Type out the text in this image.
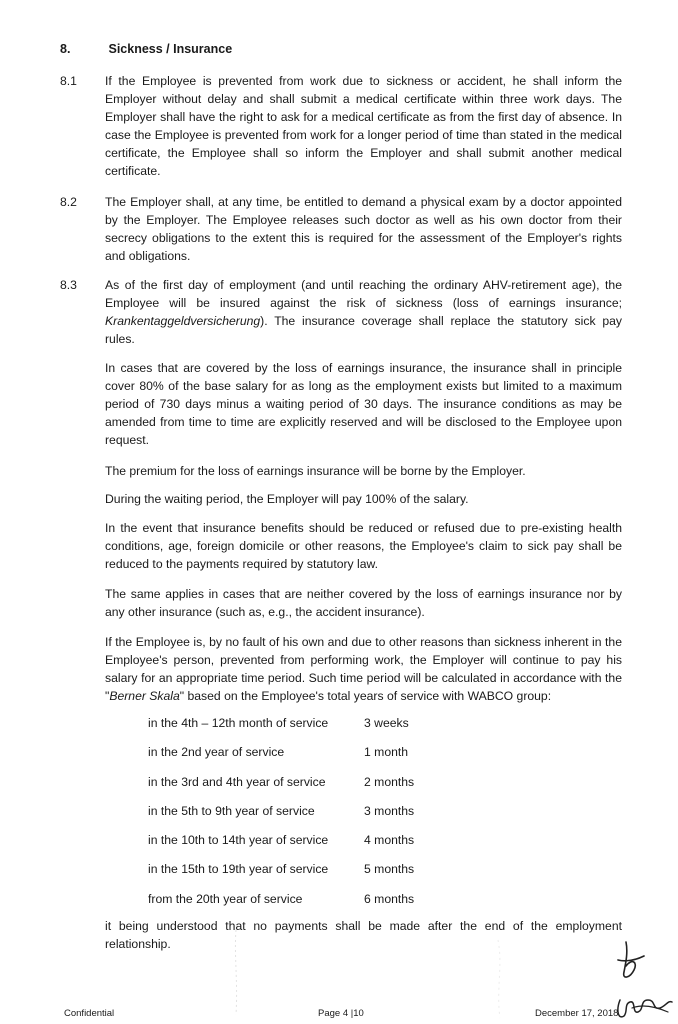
8.	Sickness / Insurance
8.1 If the Employee is prevented from work due to sickness or accident, he shall inform the Employer without delay and shall submit a medical certificate within three work days. The Employer shall have the right to ask for a medical certificate as from the first day of absence. In case the Employee is prevented from work for a longer period of time than stated in the medical certificate, the Employee shall so inform the Employer and shall submit another medical certificate.
8.2 The Employer shall, at any time, be entitled to demand a physical exam by a doctor appointed by the Employer. The Employee releases such doctor as well as his own doctor from their secrecy obligations to the extent this is required for the assessment of the Employer's rights and obligations.
8.3 As of the first day of employment (and until reaching the ordinary AHV-retirement age), the Employee will be insured against the risk of sickness (loss of earnings insurance; Krankentaggeldversicherung). The insurance coverage shall replace the statutory sick pay rules.
In cases that are covered by the loss of earnings insurance, the insurance shall in principle cover 80% of the base salary for as long as the employment exists but limited to a maximum period of 730 days minus a waiting period of 30 days. The insurance conditions as may be amended from time to time are explicitly reserved and will be disclosed to the Employee upon request.
The premium for the loss of earnings insurance will be borne by the Employer.
During the waiting period, the Employer will pay 100% of the salary.
In the event that insurance benefits should be reduced or refused due to pre-existing health conditions, age, foreign domicile or other reasons, the Employee's claim to sick pay shall be reduced to the payments required by statutory law.
The same applies in cases that are neither covered by the loss of earnings insurance nor by any other insurance (such as, e.g., the accident insurance).
If the Employee is, by no fault of his own and due to other reasons than sickness inherent in the Employee's person, prevented from performing work, the Employer will continue to pay his salary for an appropriate time period. Such time period will be calculated in accordance with the "Berner Skala" based on the Employee's total years of service with WABCO group:
in the 4th – 12th month of service	3 weeks
in the 2nd year of service	1 month
in the 3rd and 4th year of service	2 months
in the 5th to 9th year of service	3 months
in the 10th to 14th year of service	4 months
in the 15th to 19th year of service	5 months
from the 20th year of service	6 months
it being understood that no payments shall be made after the end of the employment relationship.
Confidential	Page 4 |10	December 17, 2018
